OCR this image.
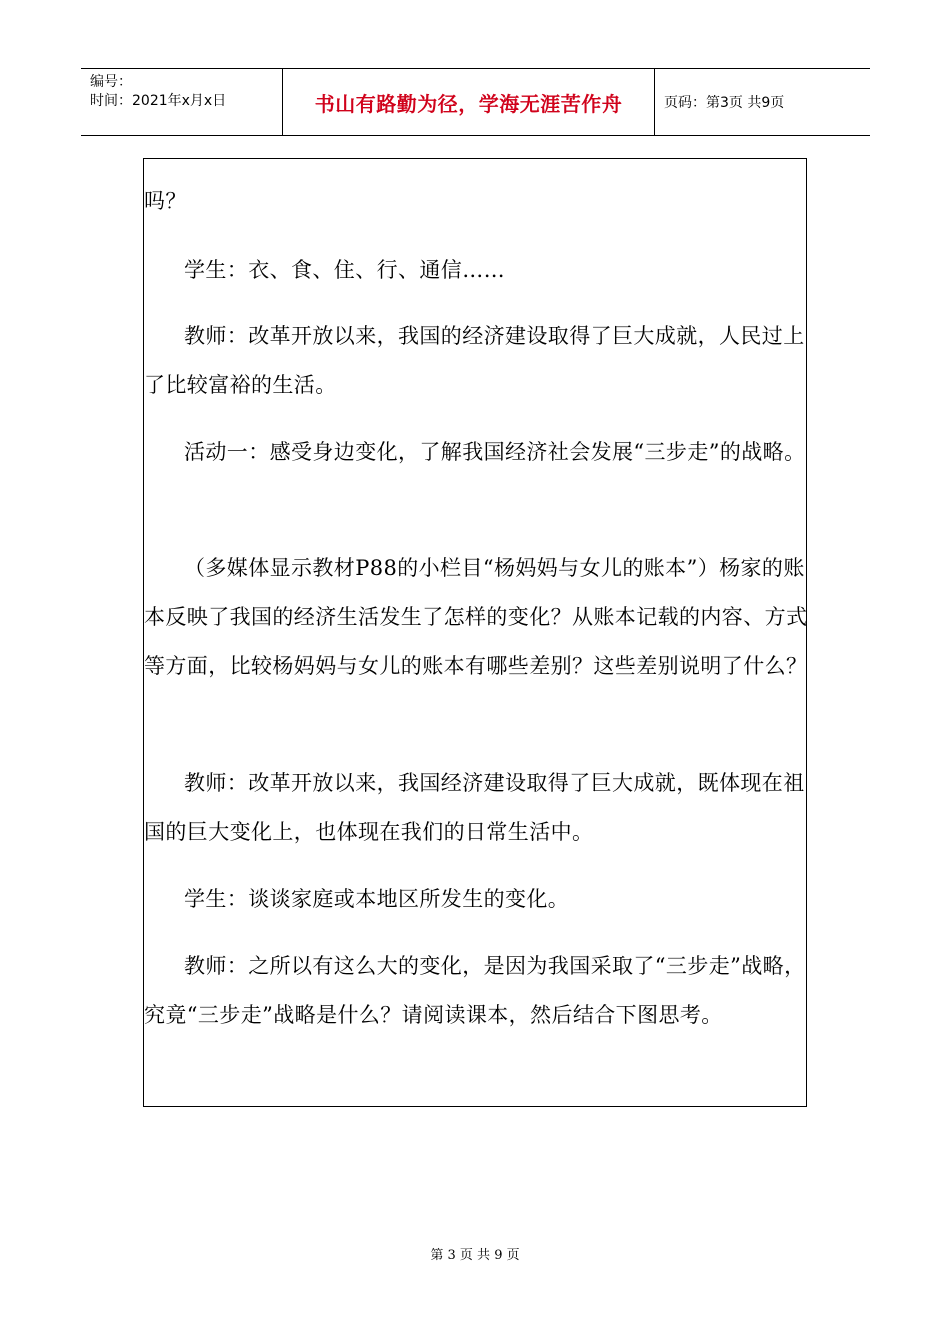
编号：
时间：2021年x月x日	书山有路勤为径，学海无涯苦作舟	页码：第3页 共9页

吗？

学生：衣、食、住、行、通信……

教师：改革开放以来，我国的经济建设取得了巨大成就，人民过上了比较富裕的生活。

活动一：感受身边变化，了解我国经济社会发展“三步走”的战略。

（多媒体显示教材P88的小栏目“杨妈妈与女儿的账本”）杨家的账本反映了我国的经济生活发生了怎样的变化？从账本记载的内容、方式等方面，比较杨妈妈与女儿的账本有哪些差别？这些差别说明了什么？

教师：改革开放以来，我国经济建设取得了巨大成就，既体现在祖国的巨大变化上，也体现在我们的日常生活中。

学生：谈谈家庭或本地区所发生的变化。

教师：之所以有这么大的变化，是因为我国采取了“三步走”战略，究竟“三步走”战略是什么？请阅读课本，然后结合下图思考。

第 3 页 共 9 页
